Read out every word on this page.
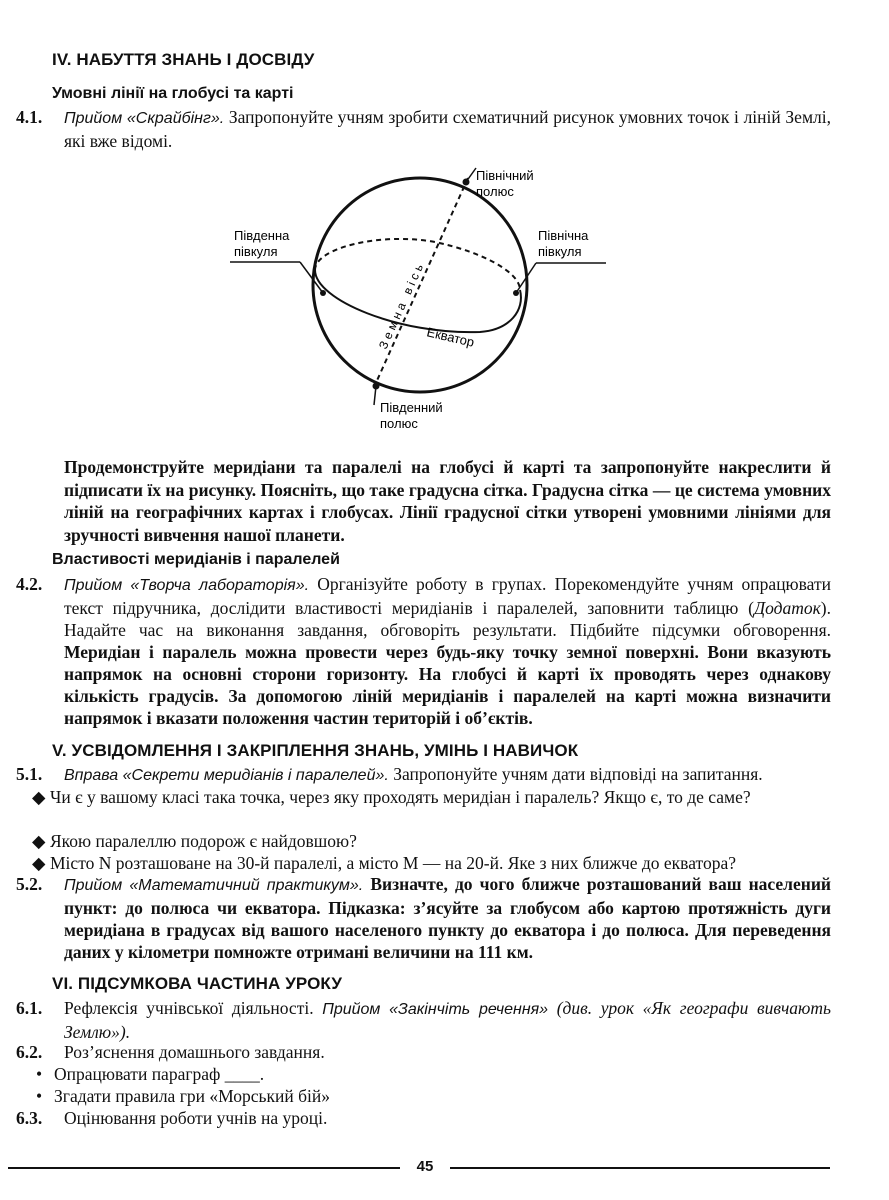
IV. НАБУТТЯ ЗНАНЬ І ДОСВІДУ
Умовні лінії на глобусі та карті
4.1. Прийом «Скрайбінг». Запропонуйте учням зробити схематичний рисунок умовних точок і ліній Землі, які вже відомі.
Північний
полюс
Південний
полюс
Південна
півкуля
Північна
півкуля
Земна вісь
Екватор
Продемонструйте меридіани та паралелі на глобусі й карті та запропонуйте накреслити й підписати їх на рисунку. Поясніть, що таке градусна сітка. Градусна сітка — це система умовних ліній на географічних картах і глобусах. Лінії градусної сітки утворені умовними лініями для зручності вивчення нашої планети.
Властивості меридіанів і паралелей
4.2. Прийом «Творча лабораторія». Організуйте роботу в групах. Порекомендуйте учням опрацювати текст підручника, дослідити властивості меридіанів і паралелей, заповнити таблицю (Додаток). Надайте час на виконання завдання, обговоріть результати. Підбийте підсумки обговорення. Меридіан і паралель можна провести через будь-яку точку земної поверхні. Вони вказують напрямок на основні сторони горизонту. На глобусі й карті їх проводять через однакову кількість градусів. За допомогою ліній меридіанів і паралелей на карті можна визначити напрямок і вказати положення частин територій і об’єктів.
V. УСВІДОМЛЕННЯ І ЗАКРІПЛЕННЯ ЗНАНЬ, УМІНЬ І НАВИЧОК
5.1. Вправа «Секрети меридіанів і паралелей». Запропонуйте учням дати відповіді на запитання.
◆ Чи є у вашому класі така точка, через яку проходять меридіан і паралель? Якщо є, то де саме?
◆ Якою паралеллю подорож є найдовшою?
◆ Місто N розташоване на 30-й паралелі, а місто М — на 20-й. Яке з них ближче до екватора?
5.2. Прийом «Математичний практикум». Визначте, до чого ближче розташований ваш населений пункт: до полюса чи екватора. Підказка: з’ясуйте за глобусом або картою протяжність дуги меридіана в градусах від вашого населеного пункту до екватора і до полюса. Для переведення даних у кілометри помножте отримані величини на 111 км.
VI. ПІДСУМКОВА ЧАСТИНА УРОКУ
6.1. Рефлексія учнівської діяльності. Прийом «Закінчіть речення» (див. урок «Як географи вивчають Землю»).
6.2. Роз’яснення домашнього завдання.
• Опрацювати параграф ____.
• Згадати правила гри «Морський бій»
6.3. Оцінювання роботи учнів на уроці.
45
